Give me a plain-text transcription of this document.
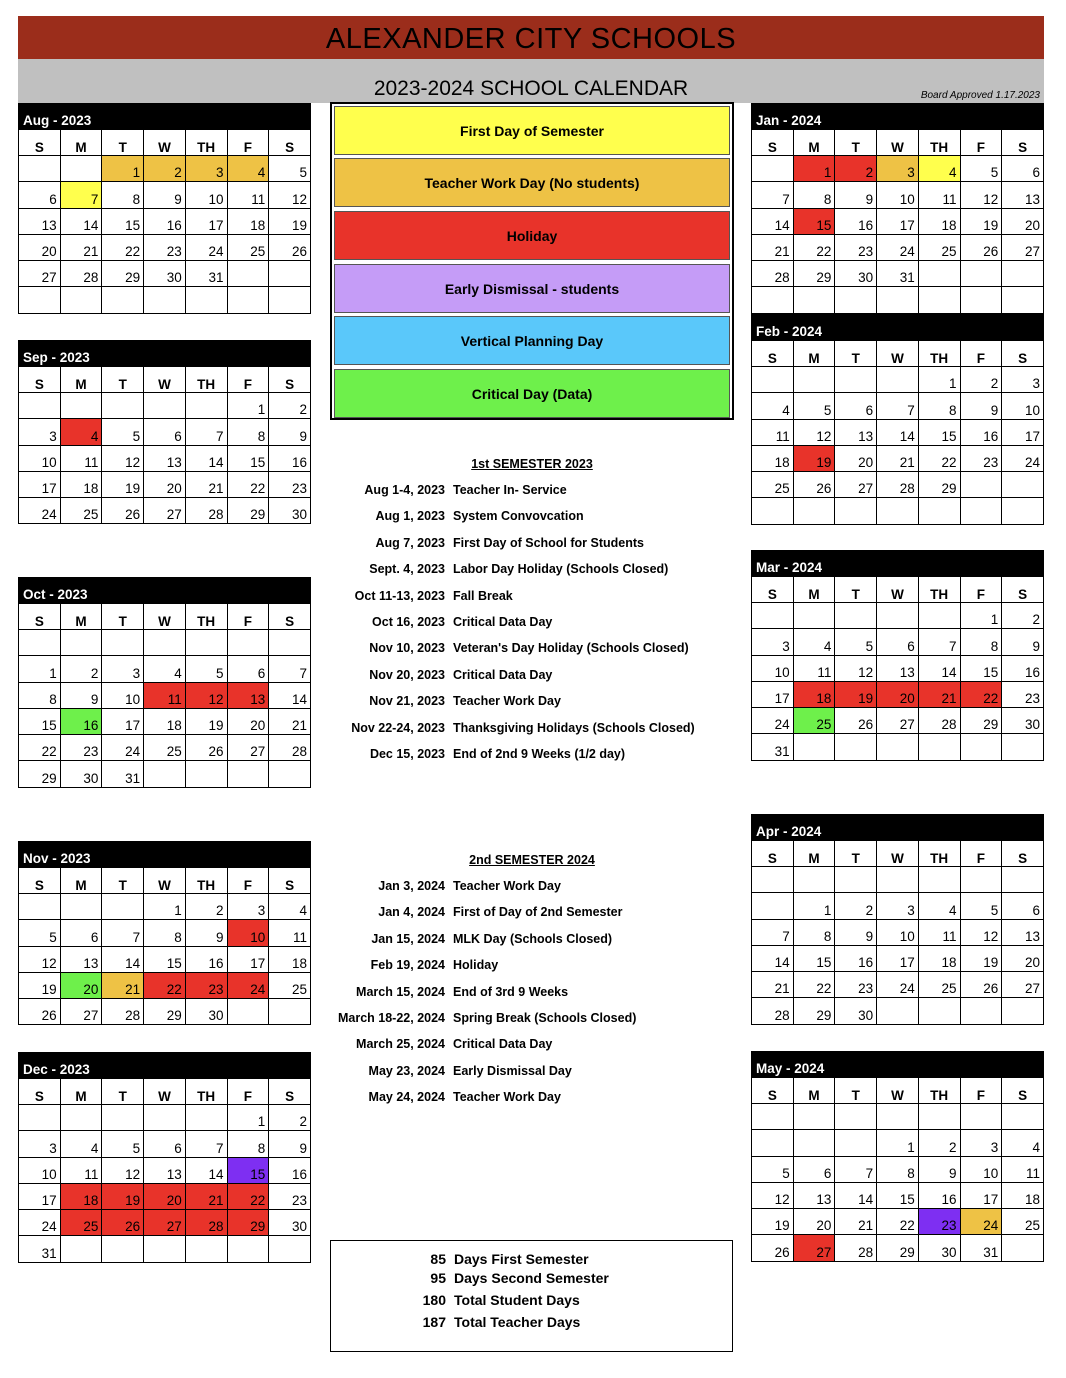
ALEXANDER CITY SCHOOLS
2023-2024 SCHOOL CALENDAR	Board Approved 1.17.2023
First Day of Semester
Teacher Work Day (No students)
Holiday
Early Dismissal - students
Vertical Planning Day
Critical Day (Data)
1st SEMESTER 2023
Aug 1-4, 2023 Teacher In- Service
Aug 1, 2023 System Convovcation
Aug 7, 2023 First Day of School for Students
Sept. 4, 2023 Labor Day Holiday (Schools Closed)
Oct 11-13, 2023 Fall Break
Oct 16, 2023 Critical Data Day
Nov 10, 2023 Veteran's Day Holiday (Schools Closed)
Nov 20, 2023 Critical Data Day
Nov 21, 2023 Teacher Work Day
Nov 22-24, 2023 Thanksgiving Holidays (Schools Closed)
Dec 15, 2023 End of 2nd 9 Weeks (1/2 day)
2nd SEMESTER 2024
Jan 3, 2024 Teacher Work Day
Jan 4, 2024 First of Day of 2nd Semester
Jan 15, 2024 MLK Day (Schools Closed)
Feb 19, 2024 Holiday
March 15, 2024 End of 3rd 9 Weeks
March 18-22, 2024 Spring Break (Schools Closed)
March 25, 2024 Critical Data Day
May 23, 2024 Early Dismissal Day
May 24, 2024 Teacher Work Day
85 Days First Semester
95 Days Second Semester
180 Total Student Days
187 Total Teacher Days
Aug - 2023
S	M	T	W	TH	F	S
		1	2	3	4	5
6	7	8	9	10	11	12
13	14	15	16	17	18	19
20	21	22	23	24	25	26
27	28	29	30	31		

Sep - 2023
S	M	T	W	TH	F	S
					1	2
3	4	5	6	7	8	9
10	11	12	13	14	15	16
17	18	19	20	21	22	23
24	25	26	27	28	29	30
Oct - 2023
S	M	T	W	TH	F	S

1	2	3	4	5	6	7
8	9	10	11	12	13	14
15	16	17	18	19	20	21
22	23	24	25	26	27	28
29	30	31				
Nov - 2023
S	M	T	W	TH	F	S
			1	2	3	4
5	6	7	8	9	10	11
12	13	14	15	16	17	18
19	20	21	22	23	24	25
26	27	28	29	30		
Dec - 2023
S	M	T	W	TH	F	S
					1	2
3	4	5	6	7	8	9
10	11	12	13	14	15	16
17	18	19	20	21	22	23
24	25	26	27	28	29	30
31						
Jan - 2024
S	M	T	W	TH	F	S
	1	2	3	4	5	6
7	8	9	10	11	12	13
14	15	16	17	18	19	20
21	22	23	24	25	26	27
28	29	30	31			

Feb - 2024
S	M	T	W	TH	F	S
				1	2	3
4	5	6	7	8	9	10
11	12	13	14	15	16	17
18	19	20	21	22	23	24
25	26	27	28	29		

Mar - 2024
S	M	T	W	TH	F	S
					1	2
3	4	5	6	7	8	9
10	11	12	13	14	15	16
17	18	19	20	21	22	23
24	25	26	27	28	29	30
31						
Apr - 2024
S	M	T	W	TH	F	S

	1	2	3	4	5	6
7	8	9	10	11	12	13
14	15	16	17	18	19	20
21	22	23	24	25	26	27
28	29	30				
May - 2024
S	M	T	W	TH	F	S

			1	2	3	4
5	6	7	8	9	10	11
12	13	14	15	16	17	18
19	20	21	22	23	24	25
26	27	28	29	30	31	
